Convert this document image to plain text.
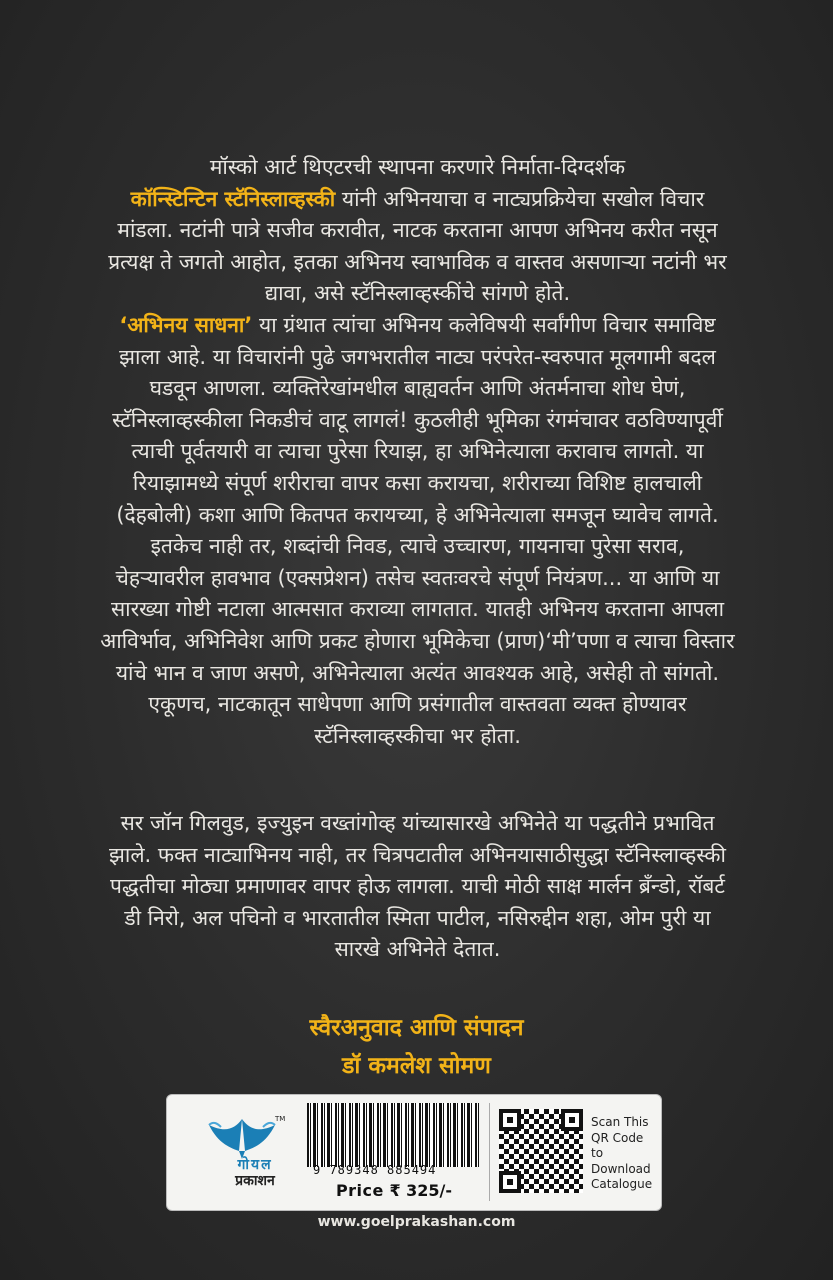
मॉस्को आर्ट थिएटरची स्थापना करणारे निर्माता-दिग्दर्शक

कॉन्स्टिन्टिन स्टॅनिस्लाव्हस्की यांनी अभिनयाचा व नाट्यप्रक्रियेचा सखोल विचार

मांडला. नटांनी पात्रे सजीव करावीत, नाटक करताना आपण अभिनय करीत नसून

प्रत्यक्ष ते जगतो आहोत, इतका अभिनय स्वाभाविक व वास्तव असणाऱ्या नटांनी भर

द्यावा, असे स्टॅनिस्लाव्हस्कींचे सांगणे होते.

‘अभिनय साधना’ या ग्रंथात त्यांचा अभिनय कलेविषयी सर्वांगीण विचार समाविष्ट

झाला आहे. या विचारांनी पुढे जगभरातील नाट्य परंपरेत-स्वरुपात मूलगामी बदल

घडवून आणला. व्यक्तिरेखांमधील बाह्यवर्तन आणि अंतर्मनाचा शोध घेणं,

स्टॅनिस्लाव्हस्कीला निकडीचं वाटू लागलं! कुठलीही भूमिका रंगमंचावर वठविण्यापूर्वी

त्याची पूर्वतयारी वा त्याचा पुरेसा रियाझ, हा अभिनेत्याला करावाच लागतो. या

रियाझामध्ये संपूर्ण शरीराचा वापर कसा करायचा, शरीराच्या विशिष्ट हालचाली

(देहबोली) कशा आणि कितपत करायच्या, हे अभिनेत्याला समजून घ्यावेच लागते.

इतकेच नाही तर, शब्दांची निवड, त्याचे उच्चारण, गायनाचा पुरेसा सराव,

चेहऱ्यावरील हावभाव (एक्सप्रेशन) तसेच स्वतःवरचे संपूर्ण नियंत्रण... या आणि या

सारख्या गोष्टी नटाला आत्मसात कराव्या लागतात. यातही अभिनय करताना आपला

आविर्भाव, अभिनिवेश आणि प्रकट होणारा भूमिकेचा (प्राण)‘मी’पणा व त्याचा विस्तार

यांचे भान व जाण असणे, अभिनेत्याला अत्यंत आवश्यक आहे, असेही तो सांगतो.

एकूणच, नाटकातून साधेपणा आणि प्रसंगातील वास्तवता व्यक्त होण्यावर

स्टॅनिस्लाव्हस्कीचा भर होता.

सर जॉन गिलवुड, इज्युइन वख्तांगोव्ह यांच्यासारखे अभिनेते या पद्धतीने प्रभावित

झाले. फक्त नाट्याभिनय नाही, तर चित्रपटातील अभिनयासाठीसुद्धा स्टॅनिस्लाव्हस्की

पद्धतीचा मोठ्या प्रमाणावर वापर होऊ लागला. याची मोठी साक्ष मार्लन ब्रँन्डो, रॉबर्ट

डी निरो, अल पचिनो व भारतातील स्मिता पाटील, नसिरुद्दीन शहा, ओम पुरी या

सारखे अभिनेते देतात.

स्वैरअनुवाद आणि संपादन
डॉ कमलेश सोमण
TM
गोयल
प्रकाशन
9 789348 885494
Price ₹ 325/-
Scan This QR Code to Download Catalogue
www.goelprakashan.com
